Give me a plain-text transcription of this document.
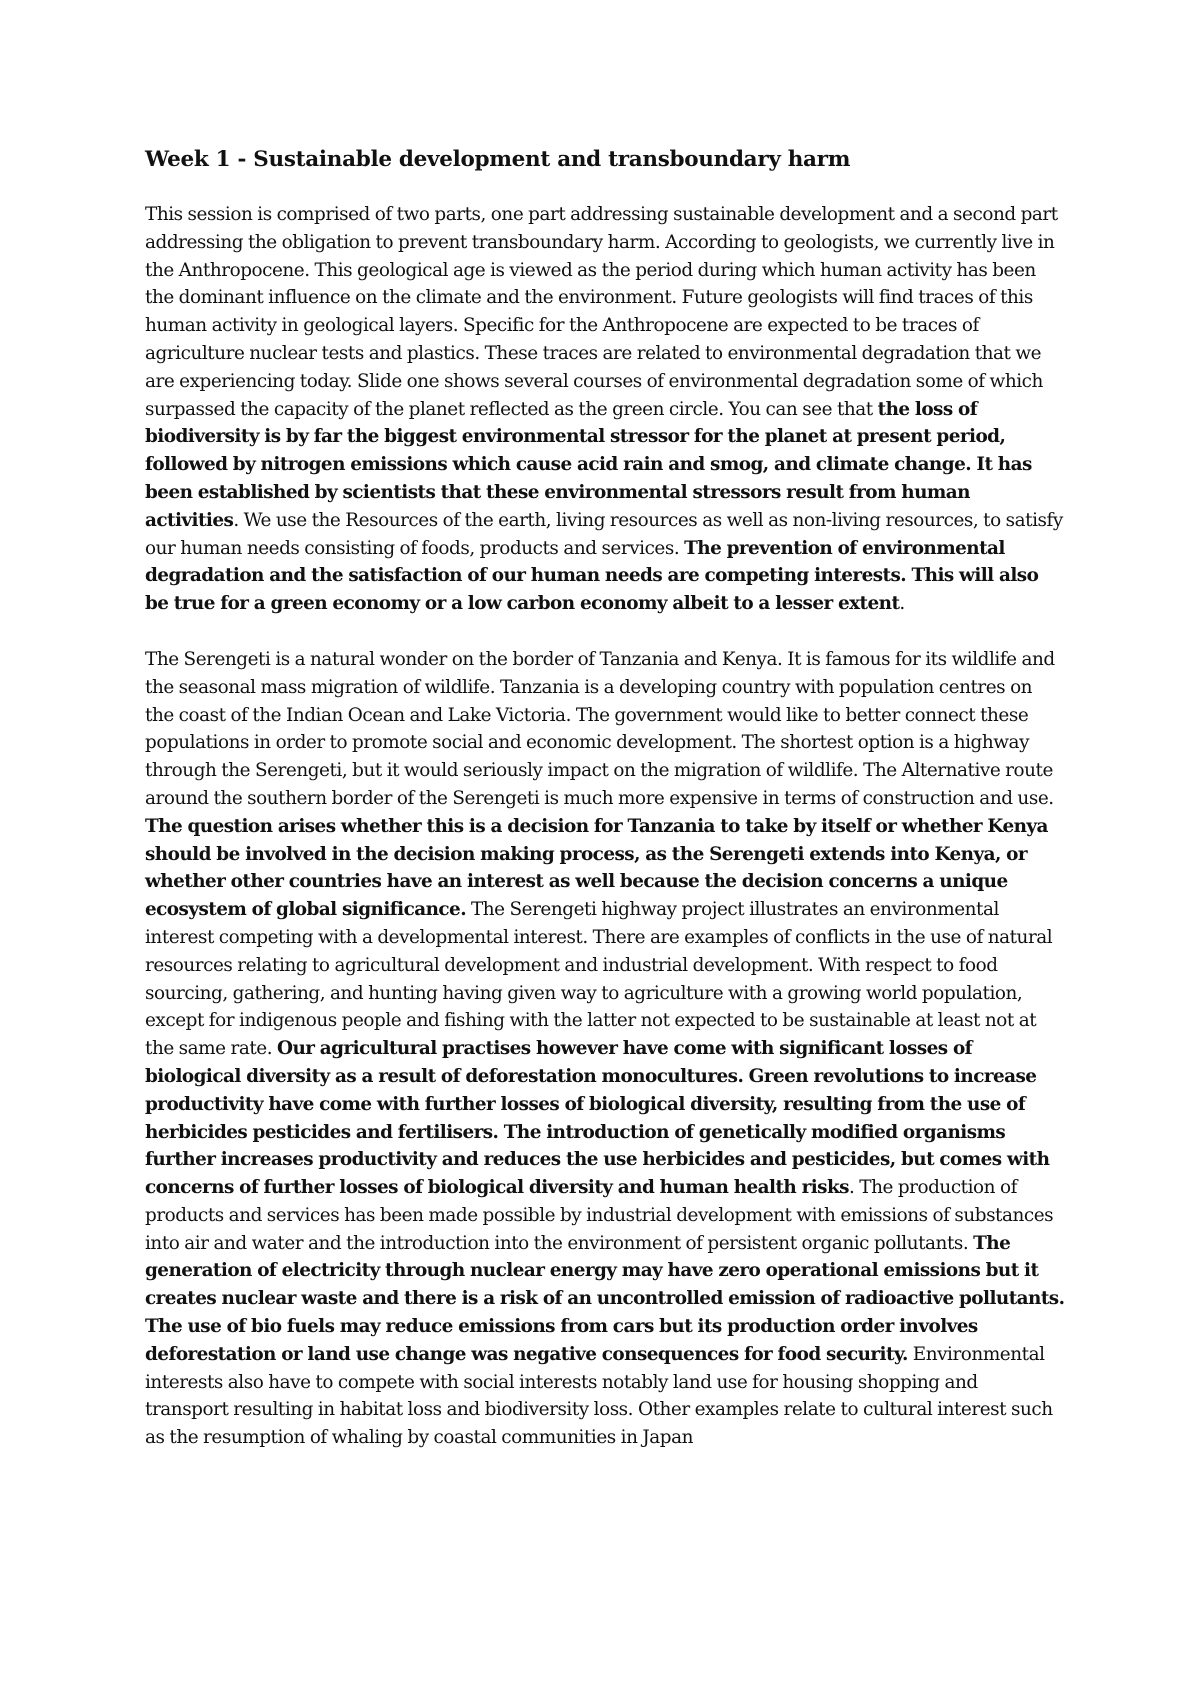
Week 1 - Sustainable development and transboundary harm

This session is comprised of two parts, one part addressing sustainable development and a second part addressing the obligation to prevent transboundary harm. According to geologists, we currently live in the Anthropocene. This geological age is viewed as the period during which human activity has been the dominant influence on the climate and the environment. Future geologists will find traces of this human activity in geological layers. Specific for the Anthropocene are expected to be traces of agriculture nuclear tests and plastics. These traces are related to environmental degradation that we are experiencing today. Slide one shows several courses of environmental degradation some of which surpassed the capacity of the planet reflected as the green circle. You can see that the loss of biodiversity is by far the biggest environmental stressor for the planet at present period, followed by nitrogen emissions which cause acid rain and smog, and climate change. It has been established by scientists that these environmental stressors result from human activities. We use the Resources of the earth, living resources as well as non-living resources, to satisfy our human needs consisting of foods, products and services. The prevention of environmental degradation and the satisfaction of our human needs are competing interests. This will also be true for a green economy or a low carbon economy albeit to a lesser extent.

The Serengeti is a natural wonder on the border of Tanzania and Kenya. It is famous for its wildlife and the seasonal mass migration of wildlife. Tanzania is a developing country with population centres on the coast of the Indian Ocean and Lake Victoria. The government would like to better connect these populations in order to promote social and economic development. The shortest option is a highway through the Serengeti, but it would seriously impact on the migration of wildlife. The Alternative route around the southern border of the Serengeti is much more expensive in terms of construction and use. The question arises whether this is a decision for Tanzania to take by itself or whether Kenya should be involved in the decision making process, as the Serengeti extends into Kenya, or whether other countries have an interest as well because the decision concerns a unique ecosystem of global significance. The Serengeti highway project illustrates an environmental interest competing with a developmental interest. There are examples of conflicts in the use of natural resources relating to agricultural development and industrial development. With respect to food sourcing, gathering, and hunting having given way to agriculture with a growing world population, except for indigenous people and fishing with the latter not expected to be sustainable at least not at the same rate. Our agricultural practises however have come with significant losses of biological diversity as a result of deforestation monocultures. Green revolutions to increase productivity have come with further losses of biological diversity, resulting from the use of herbicides pesticides and fertilisers. The introduction of genetically modified organisms further increases productivity and reduces the use herbicides and pesticides, but comes with concerns of further losses of biological diversity and human health risks. The production of products and services has been made possible by industrial development with emissions of substances into air and water and the introduction into the environment of persistent organic pollutants. The generation of electricity through nuclear energy may have zero operational emissions but it creates nuclear waste and there is a risk of an uncontrolled emission of radioactive pollutants. The use of bio fuels may reduce emissions from cars but its production order involves deforestation or land use change was negative consequences for food security. Environmental interests also have to compete with social interests notably land use for housing shopping and transport resulting in habitat loss and biodiversity loss. Other examples relate to cultural interest such as the resumption of whaling by coastal communities in Japan
